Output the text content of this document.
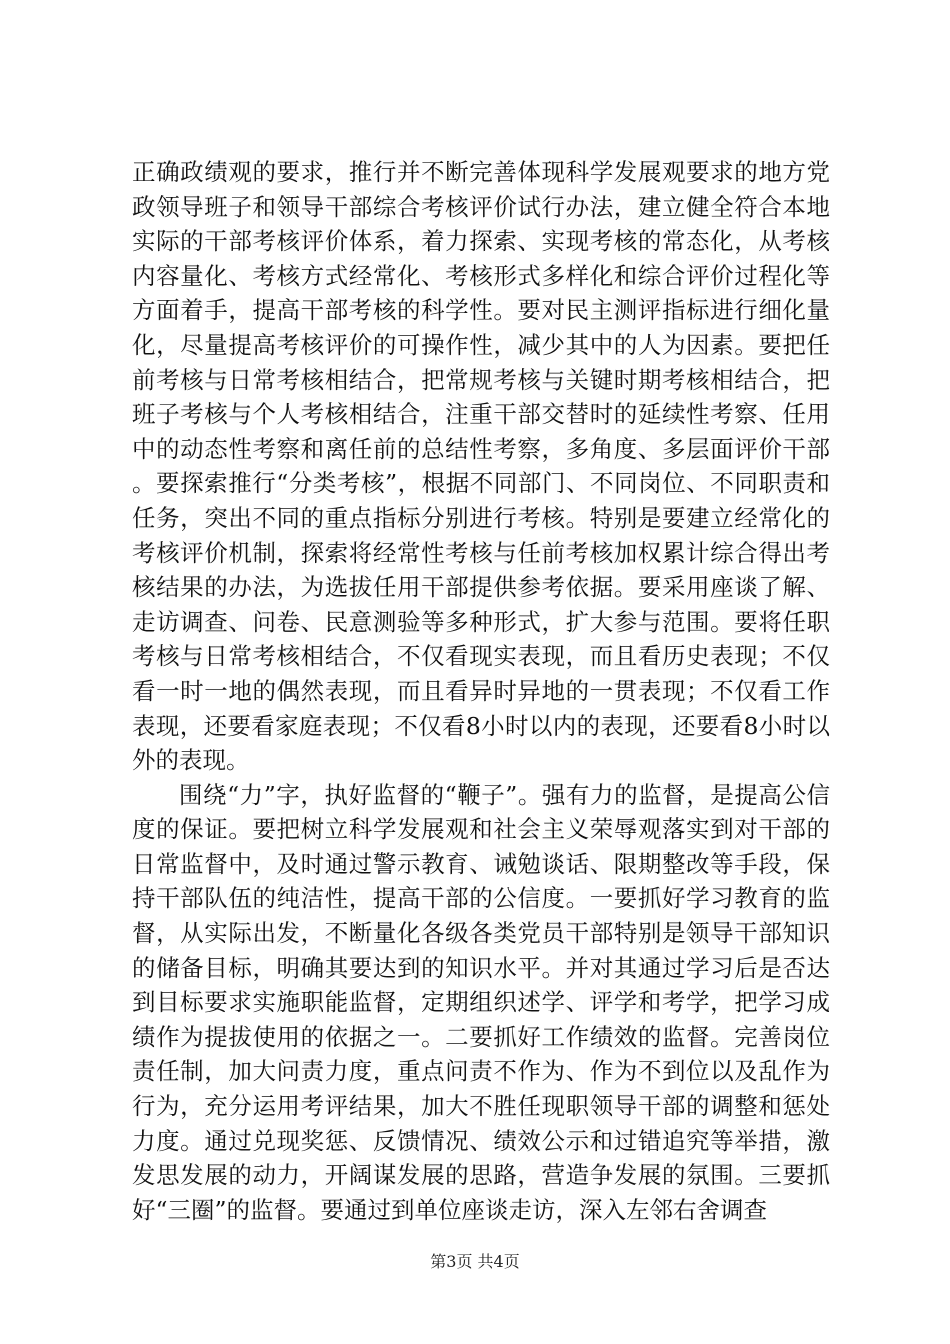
正确政绩观的要求，推行并不断完善体现科学发展观要求的地方党政领导班子和领导干部综合考核评价试行办法，建立健全符合本地实际的干部考核评价体系，着力探索、实现考核的常态化，从考核内容量化、考核方式经常化、考核形式多样化和综合评价过程化等方面着手，提高干部考核的科学性。要对民主测评指标进行细化量化，尽量提高考核评价的可操作性，减少其中的人为因素。要把任前考核与日常考核相结合，把常规考核与关键时期考核相结合，把班子考核与个人考核相结合，注重干部交替时的延续性考察、任用中的动态性考察和离任前的总结性考察，多角度、多层面评价干部。要探索推行“分类考核”，根据不同部门、不同岗位、不同职责和任务，突出不同的重点指标分别进行考核。特别是要建立经常化的考核评价机制，探索将经常性考核与任前考核加权累计综合得出考核结果的办法，为选拔任用干部提供参考依据。要采用座谈了解、走访调查、问卷、民意测验等多种形式，扩大参与范围。要将任职考核与日常考核相结合，不仅看现实表现，而且看历史表现；不仅看一时一地的偶然表现，而且看异时异地的一贯表现；不仅看工作表现，还要看家庭表现；不仅看8小时以内的表现，还要看8小时以外的表现。

围绕“力”字，执好监督的“鞭子”。强有力的监督，是提高公信度的保证。要把树立科学发展观和社会主义荣辱观落实到对干部的日常监督中，及时通过警示教育、诫勉谈话、限期整改等手段，保持干部队伍的纯洁性，提高干部的公信度。一要抓好学习教育的监督，从实际出发，不断量化各级各类党员干部特别是领导干部知识的储备目标，明确其要达到的知识水平。并对其通过学习后是否达到目标要求实施职能监督，定期组织述学、评学和考学，把学习成绩作为提拔使用的依据之一。二要抓好工作绩效的监督。完善岗位责任制，加大问责力度，重点问责不作为、作为不到位以及乱作为行为，充分运用考评结果，加大不胜任现职领导干部的调整和惩处力度。通过兑现奖惩、反馈情况、绩效公示和过错追究等举措，激发思发展的动力，开阔谋发展的思路，营造争发展的氛围。三要抓好“三圈”的监督。要通过到单位座谈走访，深入左邻右舍调查

第3页 共4页
